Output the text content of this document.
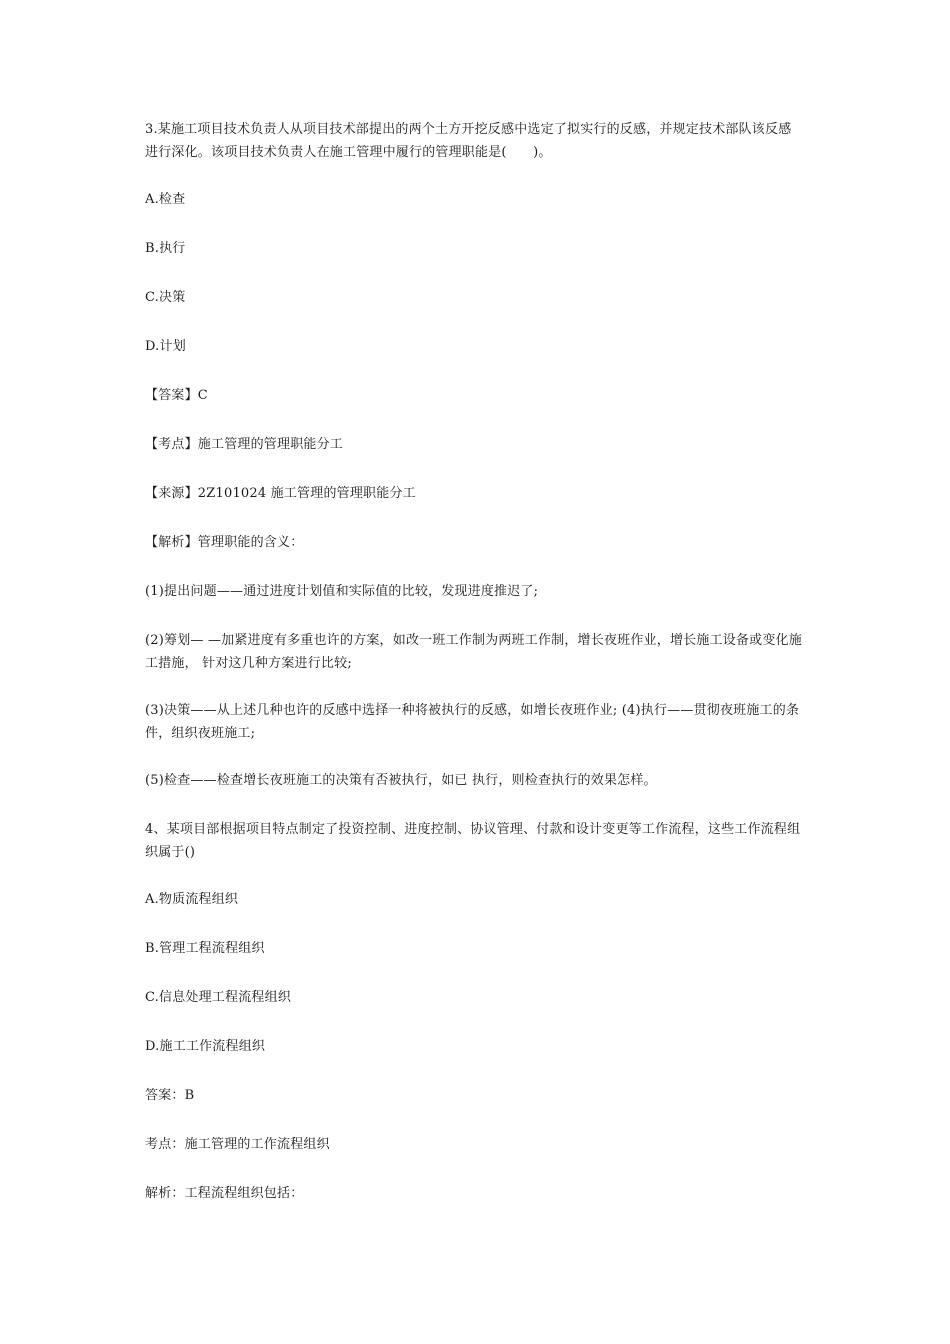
3.某施工项目技术负责人从项目技术部提出的两个土方开挖反感中选定了拟实行的反感，并规定技术部队该反感 进行深化。该项目技术负责人在施工管理中履行的管理职能是(　　)。

A.检查

B.执行

C.决策

D.计划

【答案】C

【考点】施工管理的管理职能分工

【来源】2Z101024 施工管理的管理职能分工

【解析】管理职能的含义：

(1)提出问题——通过进度计划值和实际值的比较，发现进度推迟了;

(2)筹划— —加紧进度有多重也许的方案，如改一班工作制为两班工作制，增长夜班作业，增长施工设备或变化施工措施， 针对这几种方案进行比较;

(3)决策——从上述几种也许的反感中选择一种将被执行的反感，如增长夜班作业; (4)执行——贯彻夜班施工的条件，组织夜班施工;

(5)检查——检查增长夜班施工的决策有否被执行，如已 执行，则检查执行的效果怎样。

4、某项目部根据项目特点制定了投资控制、进度控制、协议管理、付款和设计变更等工作流程，这些工作流程组织属于()

A.物质流程组织

B.管理工程流程组织

C.信息处理工程流程组织

D.施工工作流程组织

答案：B

考点：施工管理的工作流程组织

解析：工程流程组织包括：
